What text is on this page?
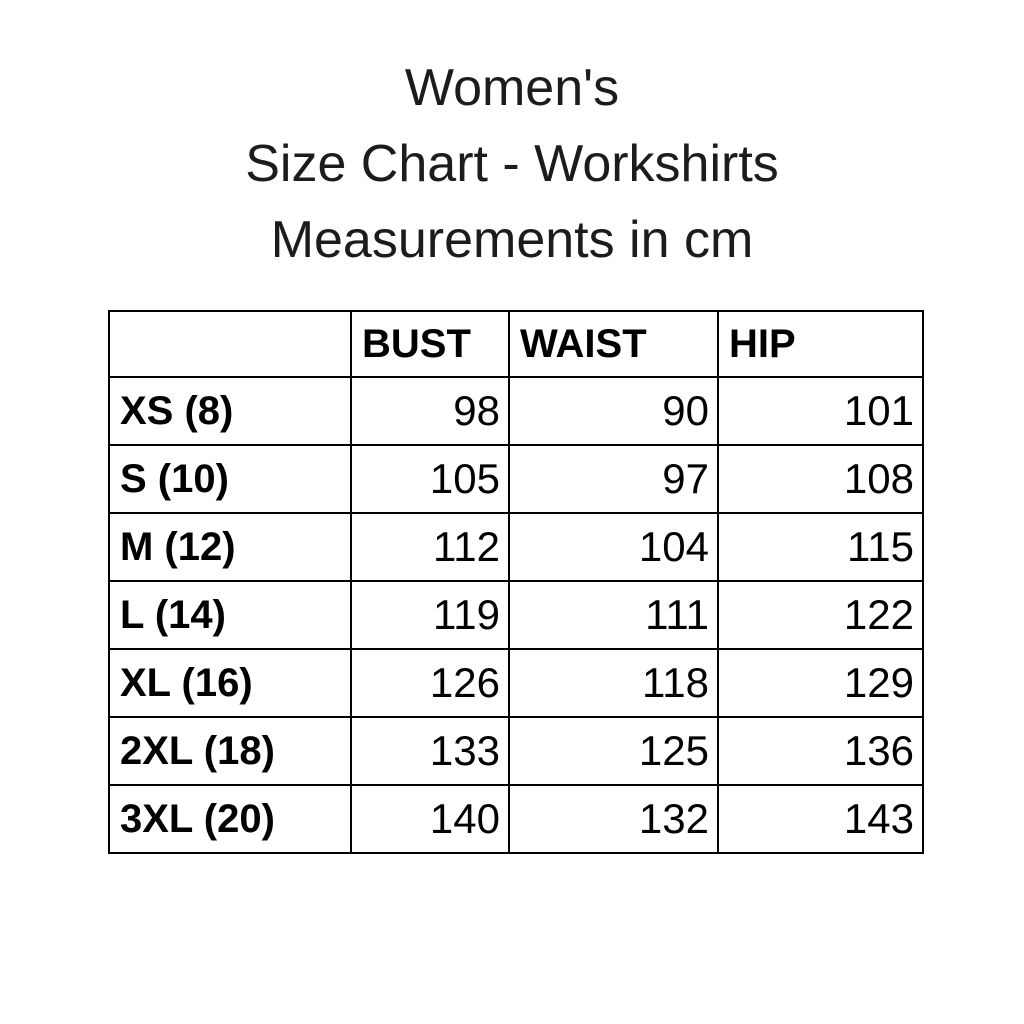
Women's
Size Chart - Workshirts
Measurements in cm
	BUST	WAIST	HIP
XS (8)	98	90	101
S (10)	105	97	108
M (12)	112	104	115
L (14)	119	111	122
XL (16)	126	118	129
2XL (18)	133	125	136
3XL (20)	140	132	143
